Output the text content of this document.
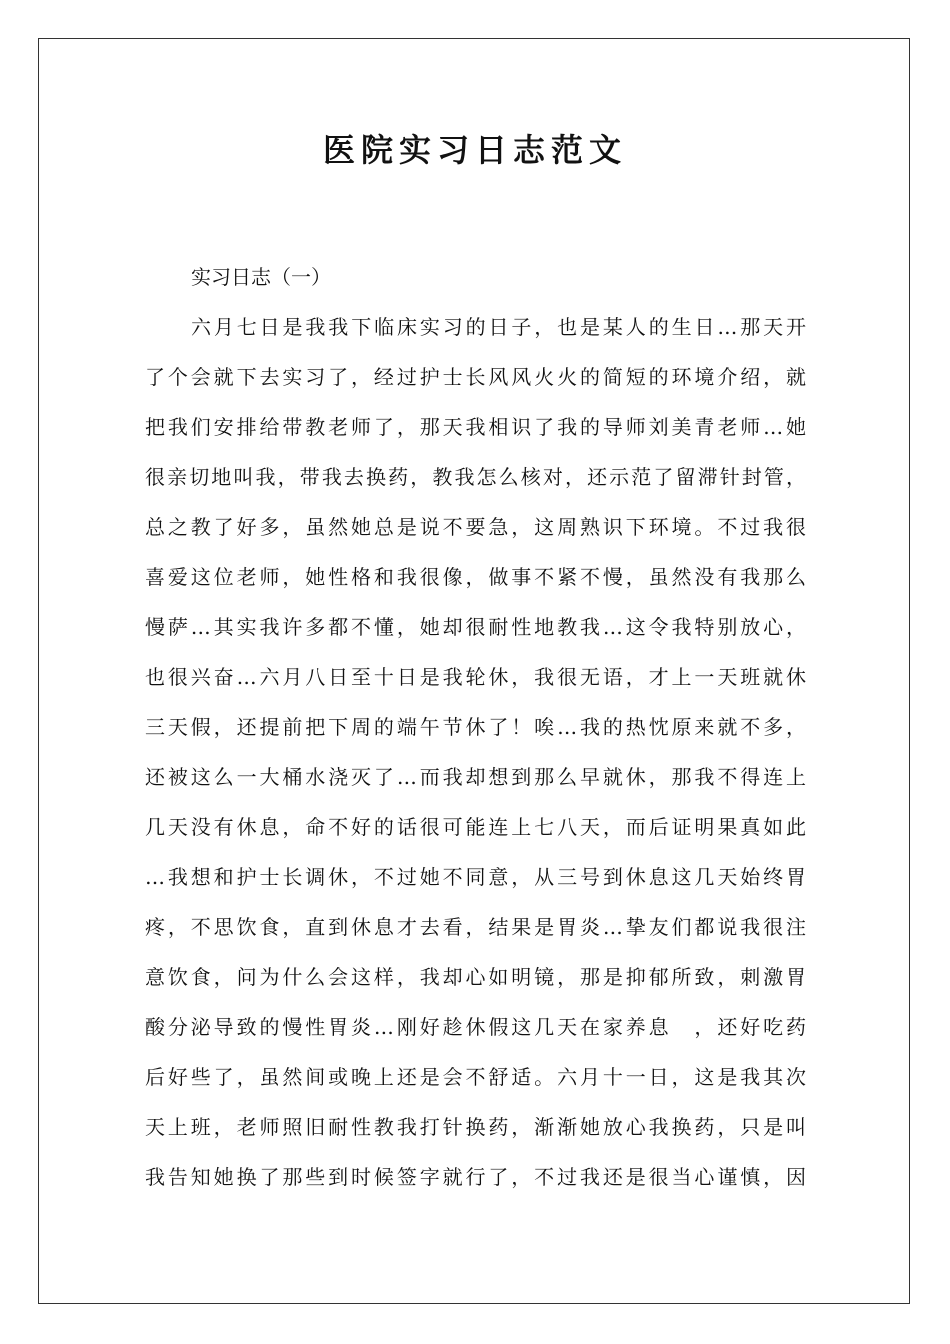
医院实习日志范文

实习日志（一）

六月七日是我我下临床实习的日子，也是某人的生日…那天开

了个会就下去实习了，经过护士长风风火火的简短的环境介绍，就

把我们安排给带教老师了，那天我相识了我的导师刘美青老师…她

很亲切地叫我，带我去换药，教我怎么核对，还示范了留滞针封管，

总之教了好多，虽然她总是说不要急，这周熟识下环境。不过我很

喜爱这位老师，她性格和我很像，做事不紧不慢，虽然没有我那么

慢萨…其实我许多都不懂，她却很耐性地教我…这令我特别放心，

也很兴奋…六月八日至十日是我轮休，我很无语，才上一天班就休

三天假，还提前把下周的端午节休了！唉…我的热忱原来就不多，

还被这么一大桶水浇灭了…而我却想到那么早就休，那我不得连上

几天没有休息，命不好的话很可能连上七八天，而后证明果真如此

…我想和护士长调休，不过她不同意，从三号到休息这几天始终胃

疼，不思饮食，直到休息才去看，结果是胃炎…挚友们都说我很注

意饮食，问为什么会这样，我却心如明镜，那是抑郁所致，刺激胃

酸分泌导致的慢性胃炎…刚好趁休假这几天在家养息　，还好吃药

后好些了，虽然间或晚上还是会不舒适。六月十一日，这是我其次

天上班，老师照旧耐性教我打针换药，渐渐她放心我换药，只是叫

我告知她换了那些到时候签字就行了，不过我还是很当心谨慎，因
